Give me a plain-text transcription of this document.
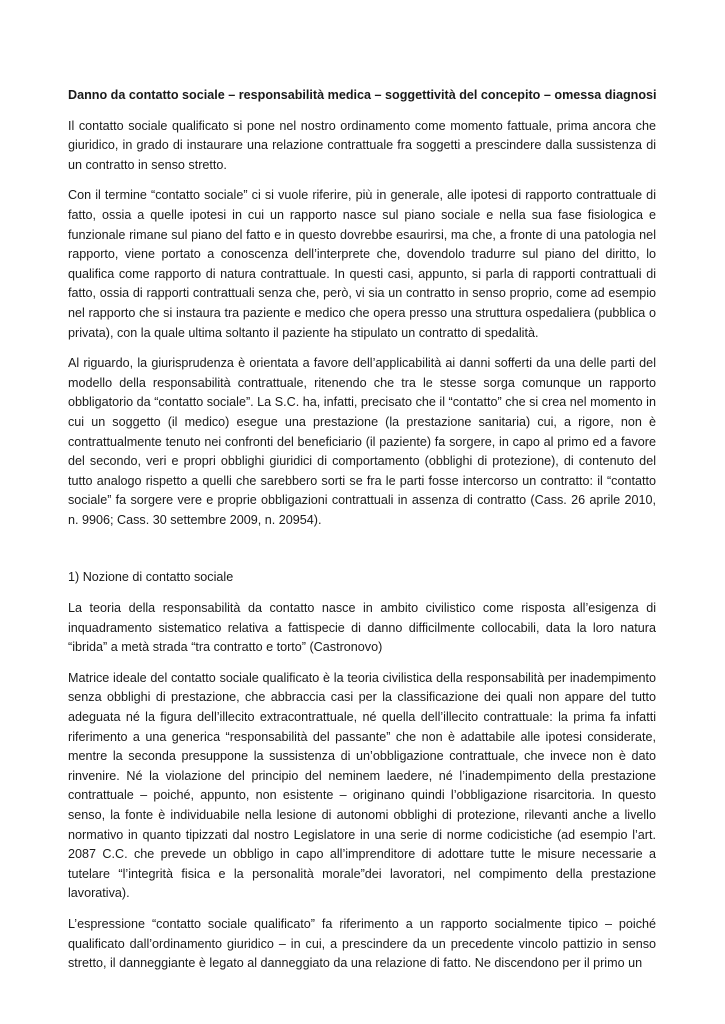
Danno da contatto sociale – responsabilità medica – soggettività del concepito – omessa diagnosi

Il contatto sociale qualificato si pone nel nostro ordinamento come momento fattuale, prima ancora che giuridico, in grado di instaurare una relazione contrattuale fra soggetti a prescindere dalla sussistenza di un contratto in senso stretto.

Con il termine “contatto sociale” ci si vuole riferire, più in generale, alle ipotesi di rapporto contrattuale di fatto, ossia a quelle ipotesi in cui un rapporto nasce sul piano sociale e nella sua fase fisiologica e funzionale rimane sul piano del fatto e in questo dovrebbe esaurirsi, ma che, a fronte di una patologia nel rapporto, viene portato a conoscenza dell’interprete che, dovendolo tradurre sul piano del diritto, lo qualifica come rapporto di natura contrattuale. In questi casi, appunto, si parla di rapporti contrattuali di fatto, ossia di rapporti contrattuali senza che, però, vi sia un contratto in senso proprio, come ad esempio nel rapporto che si instaura tra paziente e medico che opera presso una struttura ospedaliera (pubblica o privata), con la quale ultima soltanto il paziente ha stipulato un contratto di spedalità.

Al riguardo, la giurisprudenza è orientata a favore dell’applicabilità ai danni sofferti da una delle parti del modello della responsabilità contrattuale, ritenendo che tra le stesse sorga comunque un rapporto obbligatorio da “contatto sociale”. La S.C. ha, infatti, precisato che il “contatto” che si crea nel momento in cui un soggetto (il medico) esegue una prestazione (la prestazione sanitaria) cui, a rigore, non è contrattualmente tenuto nei confronti del beneficiario (il paziente) fa sorgere, in capo al primo ed a favore del secondo, veri e propri obblighi giuridici di comportamento (obblighi di protezione), di contenuto del tutto analogo rispetto a quelli che sarebbero sorti se fra le parti fosse intercorso un contratto: il “contatto sociale” fa sorgere vere e proprie obbligazioni contrattuali in assenza di contratto (Cass. 26 aprile 2010, n. 9906; Cass. 30 settembre 2009, n. 20954).

1) Nozione di contatto sociale

La teoria della responsabilità da contatto nasce in ambito civilistico come risposta all’esigenza di inquadramento sistematico relativa a fattispecie di danno difficilmente collocabili, data la loro natura “ibrida” a metà strada “tra contratto e torto” (Castronovo)

Matrice ideale del contatto sociale qualificato è la teoria civilistica della responsabilità per inadempimento senza obblighi di prestazione, che abbraccia casi per la classificazione dei quali non appare del tutto adeguata né la figura dell’illecito extracontrattuale, né quella dell’illecito contrattuale: la prima fa infatti riferimento a una generica “responsabilità del passante” che non è adattabile alle ipotesi considerate, mentre la seconda presuppone la sussistenza di un’obbligazione contrattuale, che invece non è dato rinvenire. Né la violazione del principio del neminem laedere, né l’inadempimento della prestazione contrattuale – poiché, appunto, non esistente – originano quindi l’obbligazione risarcitoria. In questo senso, la fonte è individuabile nella lesione di autonomi obblighi di protezione, rilevanti anche a livello normativo in quanto tipizzati dal nostro Legislatore in una serie di norme codicistiche (ad esempio l’art. 2087 C.C. che prevede un obbligo in capo all’imprenditore di adottare tutte le misure necessarie a tutelare “l’integrità fisica e la personalità morale”dei lavoratori, nel compimento della prestazione lavorativa).

L’espressione “contatto sociale qualificato” fa riferimento a un rapporto socialmente tipico – poiché qualificato dall’ordinamento giuridico – in cui, a prescindere da un precedente vincolo pattizio in senso stretto, il danneggiante è legato al danneggiato da una relazione di fatto. Ne discendono per il primo un
